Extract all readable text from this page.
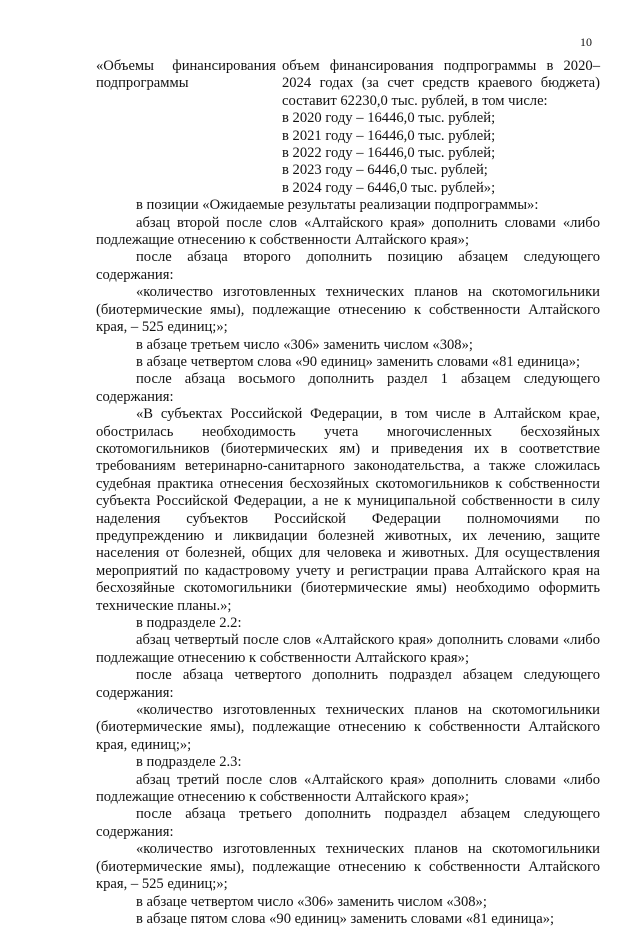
10
«Объемы финансирования подпрограммы
объем финансирования подпрограммы в 2020–2024 годах (за счет средств краевого бюджета) составит 62230,0 тыс. рублей, в том числе:
в 2020 году – 16446,0 тыс. рублей;
в 2021 году – 16446,0 тыс. рублей;
в 2022 году – 16446,0 тыс. рублей;
в 2023 году – 6446,0 тыс. рублей;
в 2024 году – 6446,0 тыс. рублей»;

в позиции «Ожидаемые результаты реализации подпрограммы»:

абзац второй после слов «Алтайского края» дополнить словами «либо подлежащие отнесению к собственности Алтайского края»;

после абзаца второго дополнить позицию абзацем следующего содержания:

«количество изготовленных технических планов на скотомогильники (биотермические ямы), подлежащие отнесению к собственности Алтайского края, – 525 единиц;»;

в абзаце третьем число «306» заменить числом «308»;

в абзаце четвертом слова «90 единиц» заменить словами «81 единица»;

после абзаца восьмого дополнить раздел 1 абзацем следующего содержания:

«В субъектах Российской Федерации, в том числе в Алтайском крае, обострилась необходимость учета многочисленных бесхозяйных скотомогильников (биотермических ям) и приведения их в соответствие требованиям ветеринарно-санитарного законодательства, а также сложилась судебная практика отнесения бесхозяйных скотомогильников к собственности субъекта Российской Федерации, а не к муниципальной собственности в силу наделения субъектов Российской Федерации полномочиями по предупреждению и ликвидации болезней животных, их лечению, защите населения от болезней, общих для человека и животных. Для осуществления мероприятий по кадастровому учету и регистрации права Алтайского края на бесхозяйные скотомогильники (биотермические ямы) необходимо оформить технические планы.»;

в подразделе 2.2:

абзац четвертый после слов «Алтайского края» дополнить словами «либо подлежащие отнесению к собственности Алтайского края»;

после абзаца четвертого дополнить подраздел абзацем следующего содержания:

«количество изготовленных технических планов на скотомогильники (биотермические ямы), подлежащие отнесению к собственности Алтайского края, единиц;»;

в подразделе 2.3:

абзац третий после слов «Алтайского края» дополнить словами «либо подлежащие отнесению к собственности Алтайского края»;

после абзаца третьего дополнить подраздел абзацем следующего содержания:

«количество изготовленных технических планов на скотомогильники (биотермические ямы), подлежащие отнесению к собственности Алтайского края, – 525 единиц;»;

в абзаце четвертом число «306» заменить числом «308»;

в абзаце пятом слова «90 единиц» заменить словами «81 единица»;
